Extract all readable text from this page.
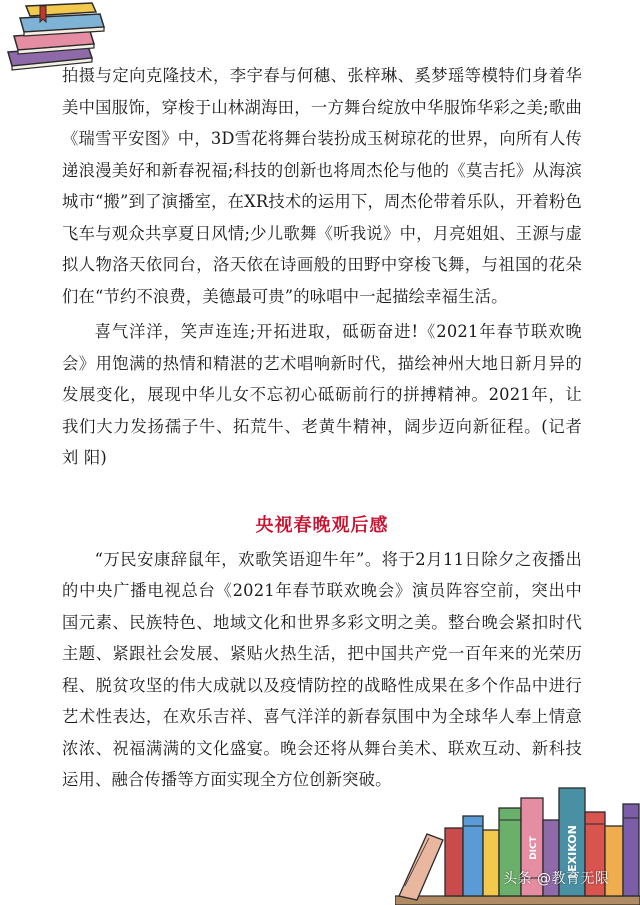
拍摄与定向克隆技术，李宇春与何穗、张梓琳、奚梦瑶等模特们身着华美中国服饰，穿梭于山林湖海田，一方舞台绽放中华服饰华彩之美;歌曲《瑞雪平安图》中，3D雪花将舞台装扮成玉树琼花的世界，向所有人传递浪漫美好和新春祝福;科技的创新也将周杰伦与他的《莫吉托》从海滨城市“搬”到了演播室，在XR技术的运用下，周杰伦带着乐队，开着粉色飞车与观众共享夏日风情;少儿歌舞《听我说》中，月亮姐姐、王源与虚拟人物洛天依同台，洛天依在诗画般的田野中穿梭飞舞，与祖国的花朵们在“节约不浪费，美德最可贵”的咏唱中一起描绘幸福生活。

喜气洋洋，笑声连连;开拓进取，砥砺奋进!《2021年春节联欢晚会》用饱满的热情和精湛的艺术唱响新时代，描绘神州大地日新月异的发展变化，展现中华儿女不忘初心砥砺前行的拼搏精神。2021年，让我们大力发扬孺子牛、拓荒牛、老黄牛精神，阔步迈向新征程。(记者 刘 阳)

央视春晚观后感

“万民安康辞鼠年，欢歌笑语迎牛年”。将于2月11日除夕之夜播出的中央广播电视总台《2021年春节联欢晚会》演员阵容空前，突出中国元素、民族特色、地域文化和世界多彩文明之美。整台晚会紧扣时代主题、紧跟社会发展、紧贴火热生活，把中国共产党一百年来的光荣历程、脱贫攻坚的伟大成就以及疫情防控的战略性成果在多个作品中进行艺术性表达，在欢乐吉祥、喜气洋洋的新春氛围中为全球华人奉上情意浓浓、祝福满满的文化盛宴。晚会还将从舞台美术、联欢互动、新科技运用、融合传播等方面实现全方位创新突破。

LEXIKON
DICT
头条 @教育无限
